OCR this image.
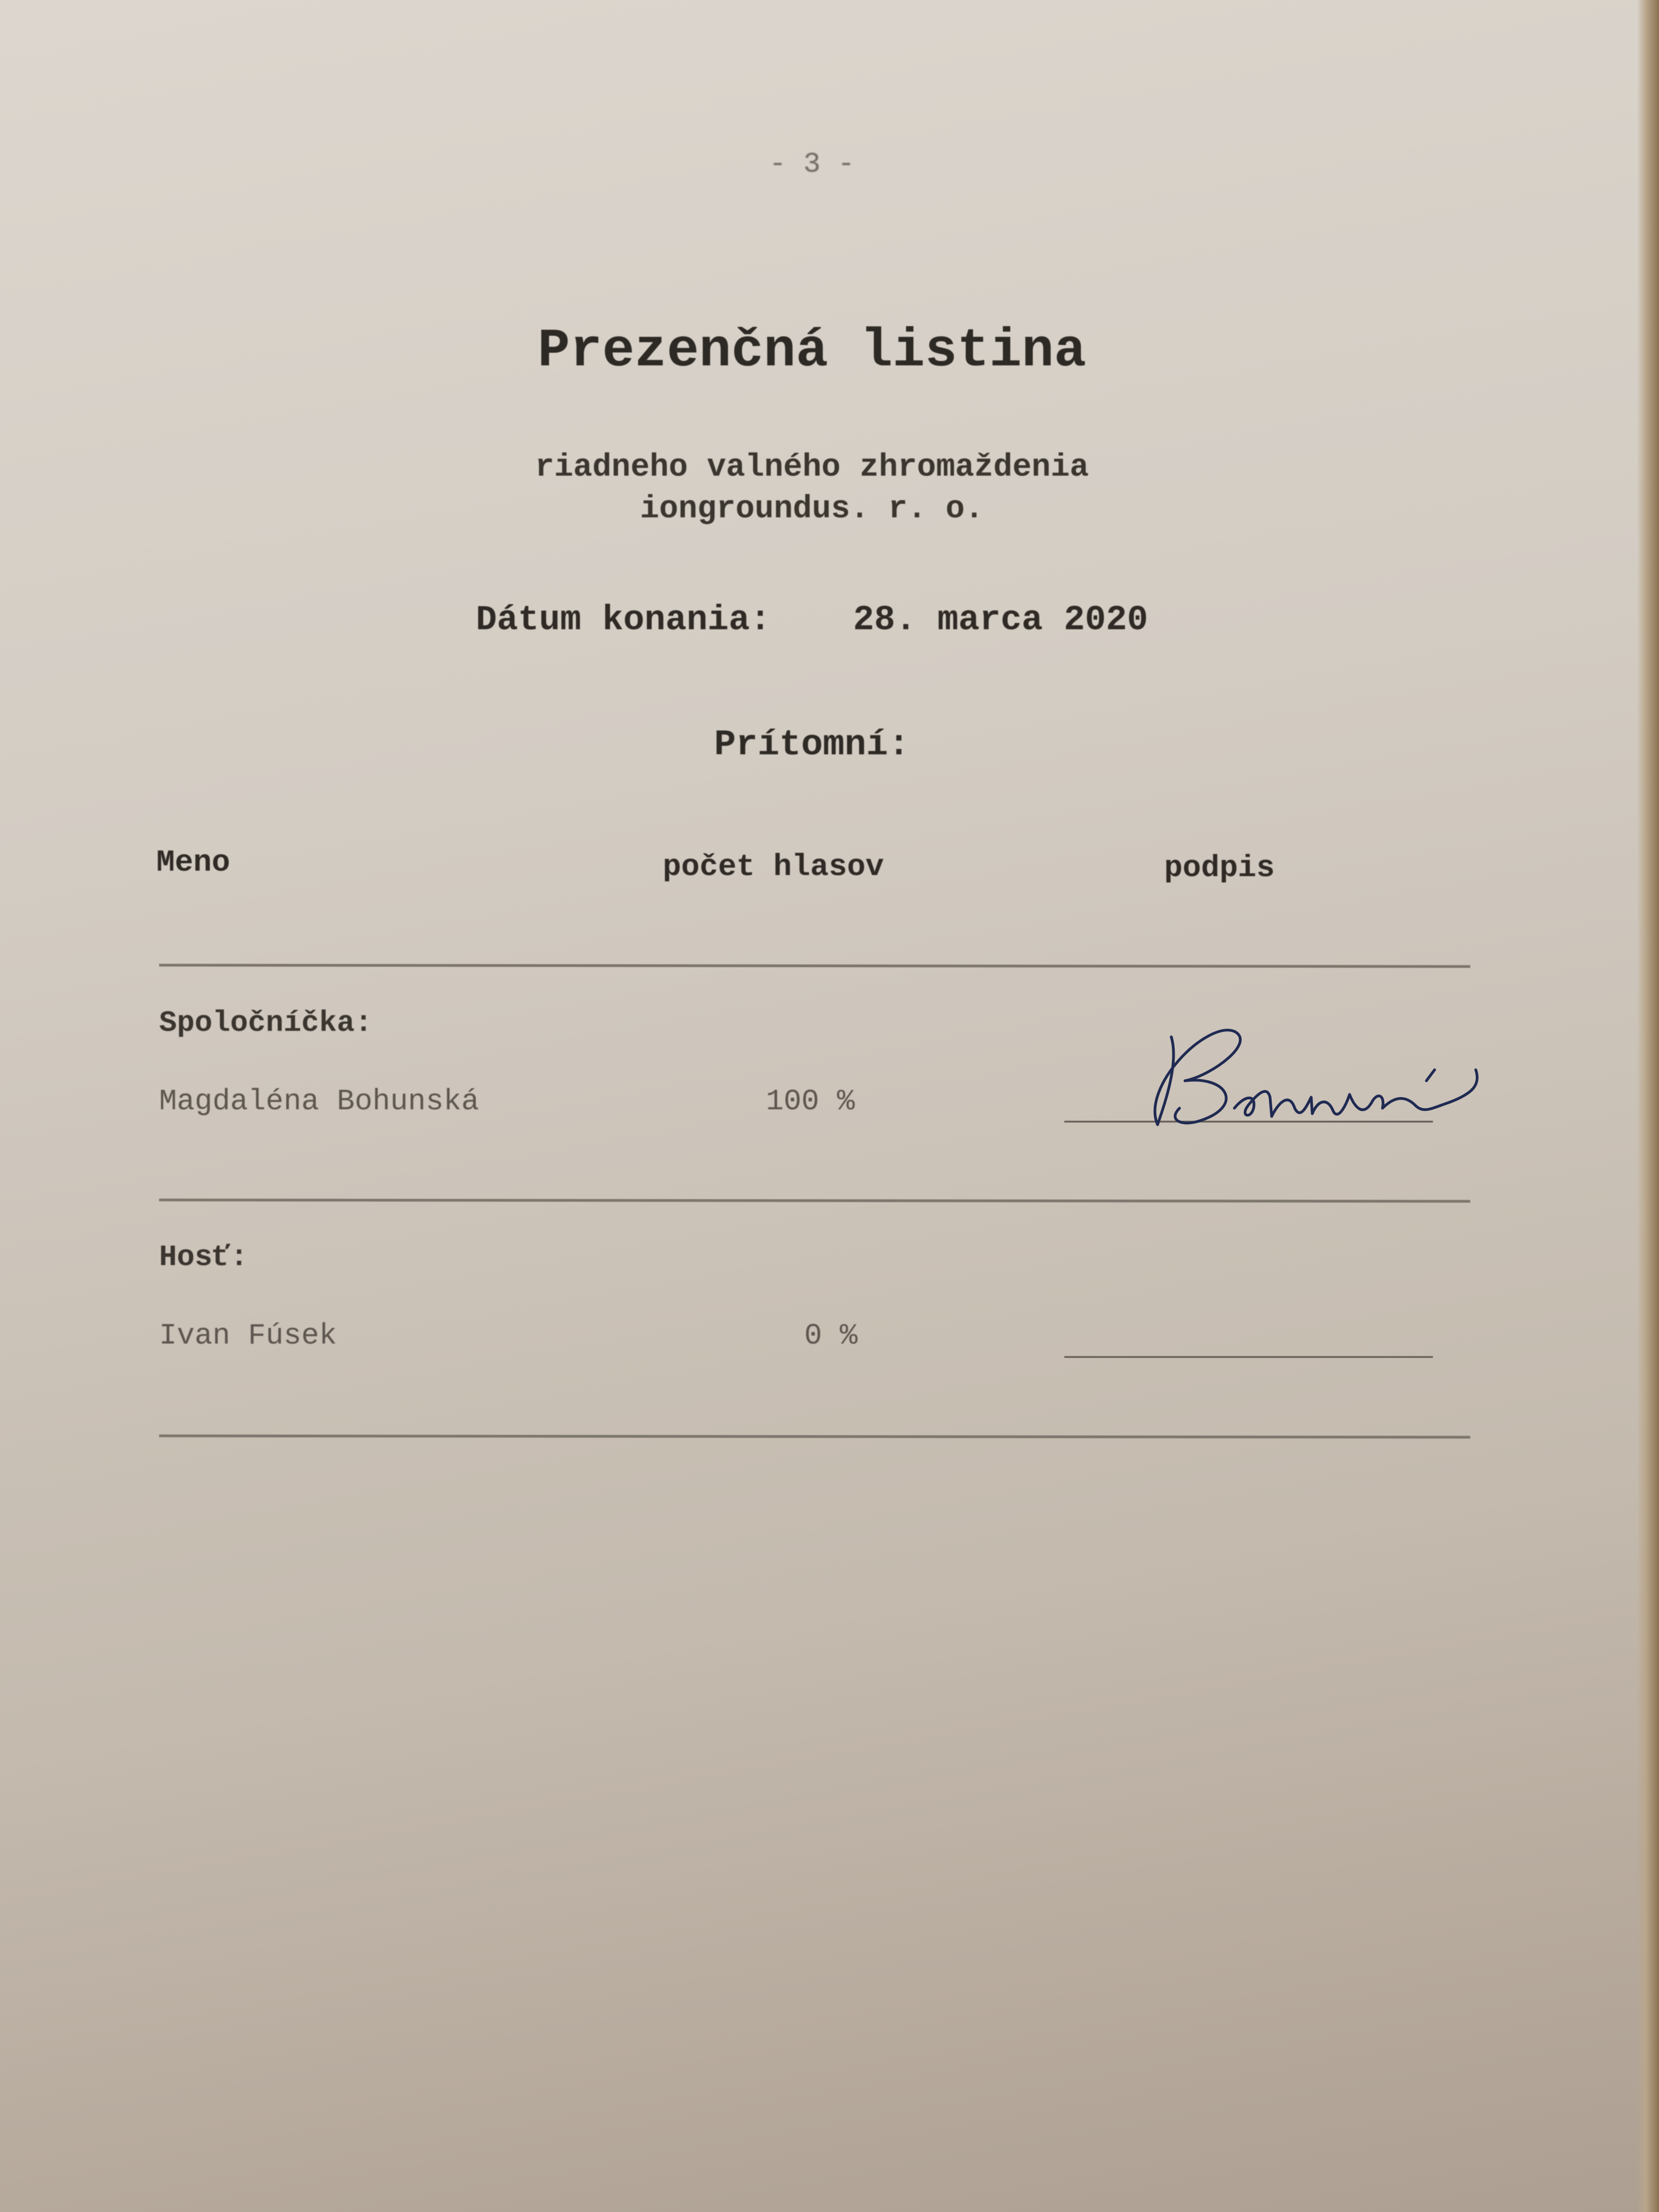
- 3 -
Prezenčná listina
riadneho valného zhromaždenia
iongroundus. r. o.
Dátum konania: 28. marca 2020
Prítomní:
Meno	počet hlasov	podpis
Spoločníčka:
Magdaléna Bohunská	100 %
Hosť:
Ivan Fúsek	0 %
